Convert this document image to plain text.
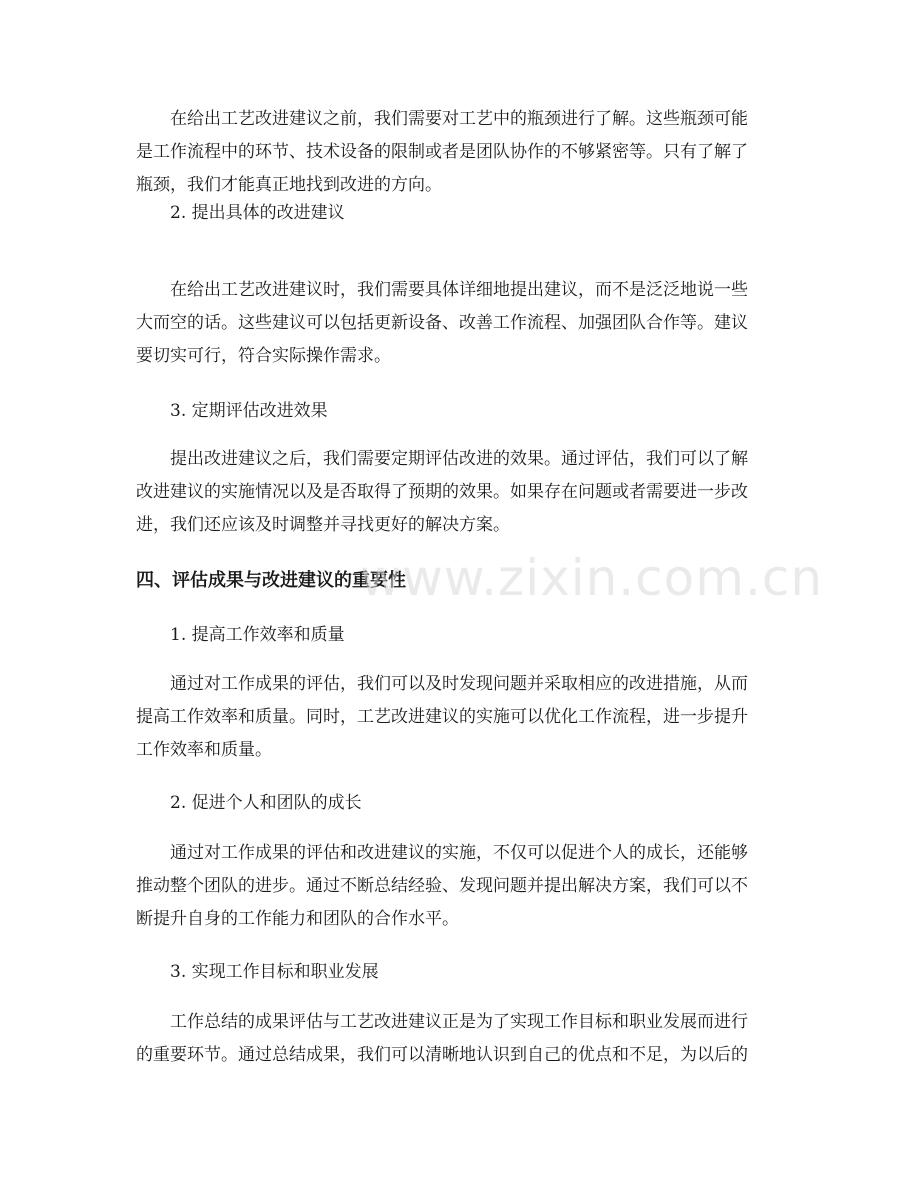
在给出工艺改进建议之前，我们需要对工艺中的瓶颈进行了解。这些瓶颈可能
是工作流程中的环节、技术设备的限制或者是团队协作的不够紧密等。只有了解了
瓶颈，我们才能真正地找到改进的方向。
2. 提出具体的改进建议
在给出工艺改进建议时，我们需要具体详细地提出建议，而不是泛泛地说一些
大而空的话。这些建议可以包括更新设备、改善工作流程、加强团队合作等。建议
要切实可行，符合实际操作需求。
3. 定期评估改进效果
提出改进建议之后，我们需要定期评估改进的效果。通过评估，我们可以了解
改进建议的实施情况以及是否取得了预期的效果。如果存在问题或者需要进一步改
进，我们还应该及时调整并寻找更好的解决方案。
四、评估成果与改进建议的重要性
1. 提高工作效率和质量
通过对工作成果的评估，我们可以及时发现问题并采取相应的改进措施，从而
提高工作效率和质量。同时，工艺改进建议的实施可以优化工作流程，进一步提升
工作效率和质量。
2. 促进个人和团队的成长
通过对工作成果的评估和改进建议的实施，不仅可以促进个人的成长，还能够
推动整个团队的进步。通过不断总结经验、发现问题并提出解决方案，我们可以不
断提升自身的工作能力和团队的合作水平。
3. 实现工作目标和职业发展
工作总结的成果评估与工艺改进建议正是为了实现工作目标和职业发展而进行
的重要环节。通过总结成果，我们可以清晰地认识到自己的优点和不足，为以后的
www.zixin.com.cn
